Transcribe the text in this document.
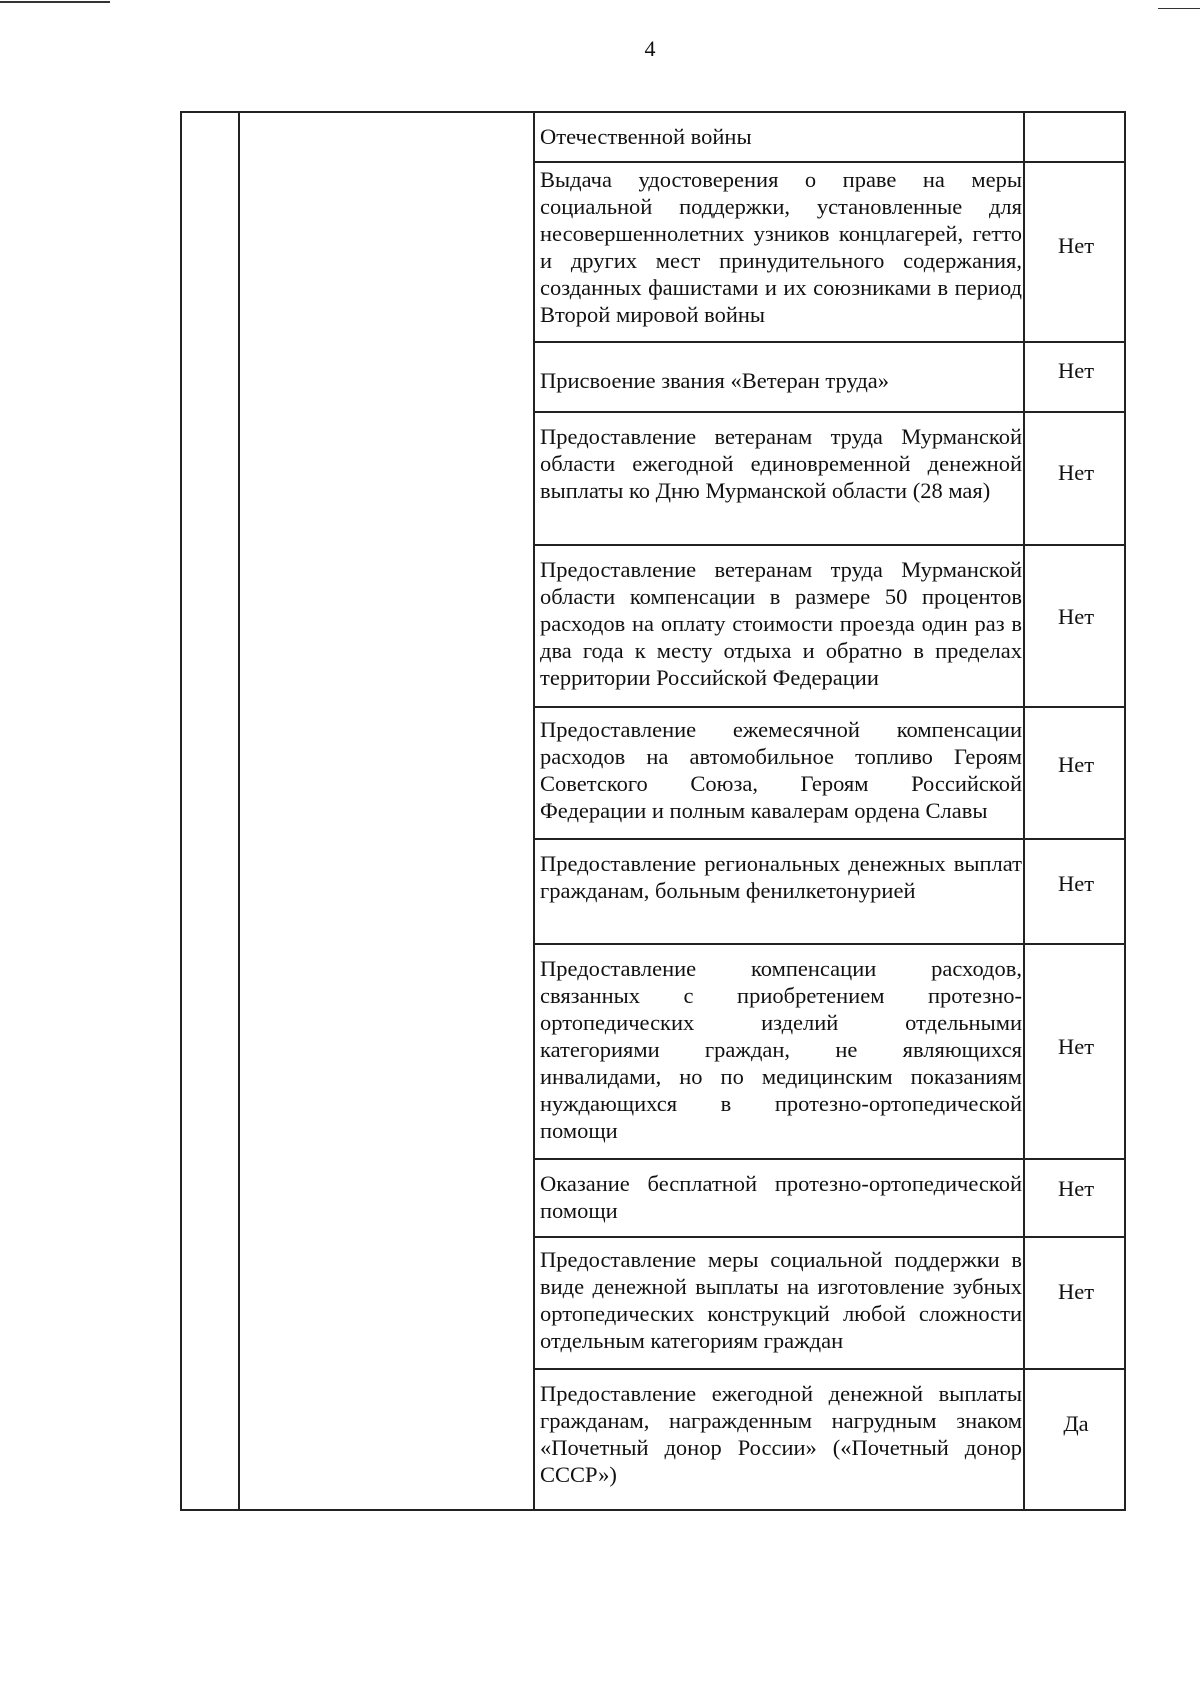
4
Отечественной войны
Выдача удостоверения о праве на меры социальной поддержки, установленные для несовершеннолетних узников концлагерей, гетто и других мест принудительного содержания, созданных фашистами и их союзниками в период Второй мировой войны
Нет
Присвоение звания «Ветеран труда»	Нет
Предоставление ветеранам труда Мурманской области ежегодной единовременной денежной выплаты ко Дню Мурманской области (28 мая)
Нет
Предоставление ветеранам труда Мурманской области компенсации в размере 50 процентов расходов на оплату стоимости проезда один раз в два года к месту отдыха и обратно в пределах территории Российской Федерации
Нет
Предоставление ежемесячной компенсации расходов на автомобильное топливо Героям Советского Союза, Героям Российской Федерации и полным кавалерам ордена Славы
Нет
Предоставление региональных денежных выплат гражданам, больным фенилкетонурией	Нет
Предоставление компенсации расходов, связанных с приобретением протезно-ортопедических изделий отдельными категориями граждан, не являющихся инвалидами, но по медицинским показаниям нуждающихся в протезно-ортопедической помощи
Нет
Оказание бесплатной протезно-ортопедической помощи
Нет
Предоставление меры социальной поддержки в виде денежной выплаты на изготовление зубных ортопедических конструкций любой сложности отдельным категориям граждан
Нет
Предоставление ежегодной денежной выплаты гражданам, награжденным нагрудным знаком «Почетный донор России» («Почетный донор СССР»)
Да
